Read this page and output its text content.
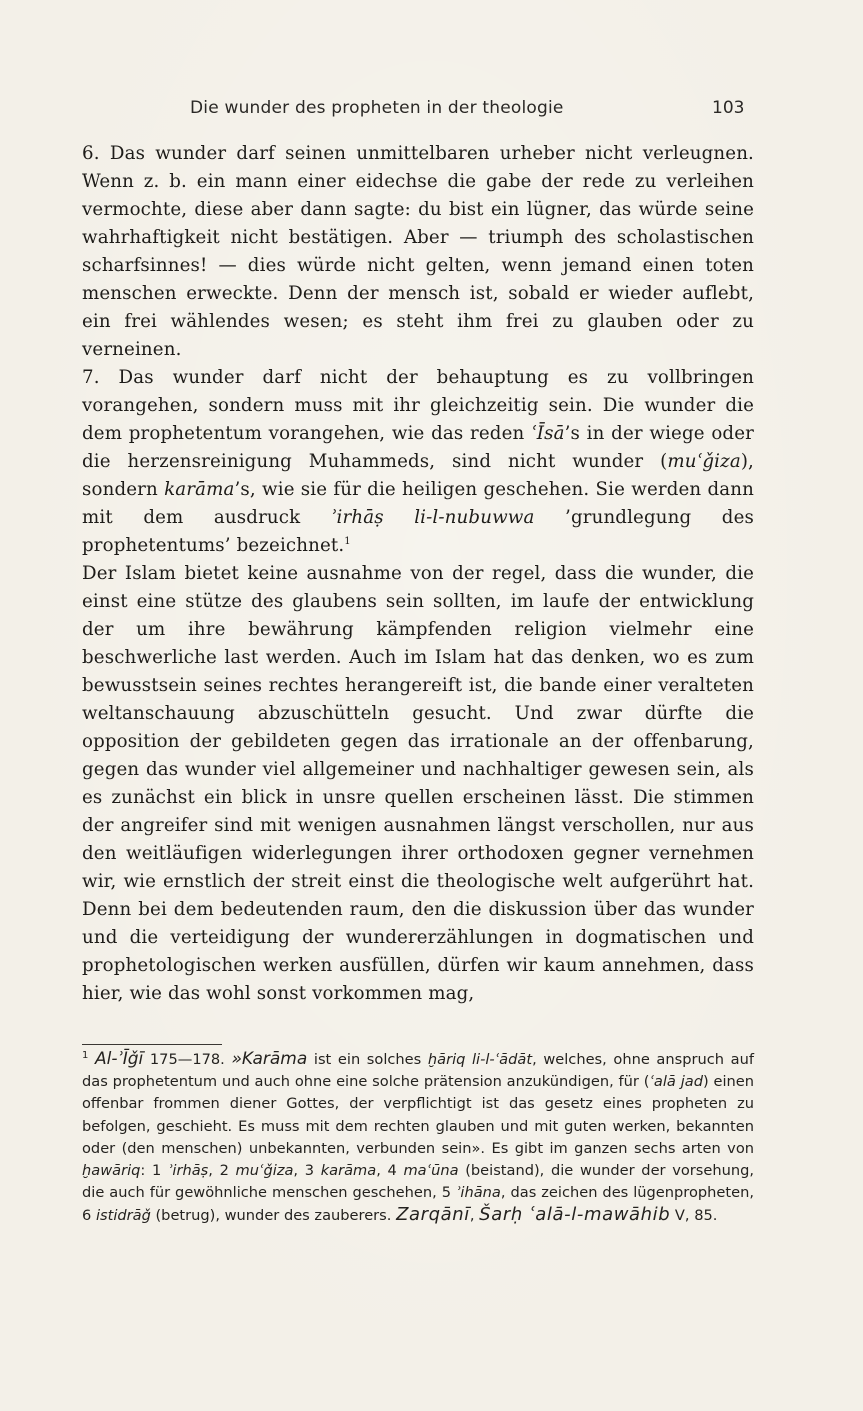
Die wunder des propheten in der theologie	103

6. Das wunder darf seinen unmittelbaren urheber nicht verleugnen. Wenn z. b. ein mann einer eidechse die gabe der rede zu verleihen vermochte, diese aber dann sagte: du bist ein lügner, das würde seine wahrhaftigkeit nicht bestätigen. Aber — triumph des scholastischen scharfsinnes! — dies würde nicht gelten, wenn jemand einen toten menschen erweckte. Denn der mensch ist, sobald er wieder auflebt, ein frei wählendes wesen; es steht ihm frei zu glauben oder zu verneinen.

7. Das wunder darf nicht der behauptung es zu vollbringen vorangehen, sondern muss mit ihr gleichzeitig sein. Die wunder die dem prophetentum vorangehen, wie das reden ʿĪsā’s in der wiege oder die herzensreinigung Muhammeds, sind nicht wunder (muʿǧiza), sondern karāma’s, wie sie für die heiligen geschehen. Sie werden dann mit dem ausdruck ʾirhāṣ li-l-nubuwwa ’grundlegung des prophetentums’ bezeichnet.$^1$

Der Islam bietet keine ausnahme von der regel, dass die wunder, die einst eine stütze des glaubens sein sollten, im laufe der entwicklung der um ihre bewährung kämpfenden religion vielmehr eine beschwerliche last werden. Auch im Islam hat das denken, wo es zum bewusstsein seines rechtes herangereift ist, die bande einer veralteten weltanschauung abzuschütteln gesucht. Und zwar dürfte die opposition der gebildeten gegen das irrationale an der offenbarung, gegen das wunder viel allgemeiner und nachhaltiger gewesen sein, als es zunächst ein blick in unsre quellen erscheinen lässt. Die stimmen der angreifer sind mit wenigen ausnahmen längst verschollen, nur aus den weitläufigen widerlegungen ihrer orthodoxen gegner vernehmen wir, wie ernstlich der streit einst die theologische welt aufgerührt hat. Denn bei dem bedeutenden raum, den die diskussion über das wunder und die verteidigung der wundererzählungen in dogmatischen und prophetologischen werken ausfüllen, dürfen wir kaum annehmen, dass hier, wie das wohl sonst vorkommen mag,

$^1$ Al-ʾĪǧī 175—178. »Karāma ist ein solches ḫāriq li-l-ʿādāt, welches, ohne anspruch auf das prophetentum und auch ohne eine solche prätension anzukündigen, für (ʿalā jad) einen offenbar frommen diener Gottes, der verpflichtigt ist das gesetz eines propheten zu befolgen, geschieht. Es muss mit dem rechten glauben und mit guten werken, bekannten oder (den menschen) unbekannten, verbunden sein». Es gibt im ganzen sechs arten von ḫawāriq: 1 ʾirhāṣ, 2 muʿǧiza, 3 karāma, 4 maʿūna (beistand), die wunder der vorsehung, die auch für gewöhnliche menschen geschehen, 5 ʾihāna, das zeichen des lügenpropheten, 6 istidrāǧ (betrug), wunder des zauberers. Zarqānī, Šarḥ ʿalā-l-mawāhib V, 85.
